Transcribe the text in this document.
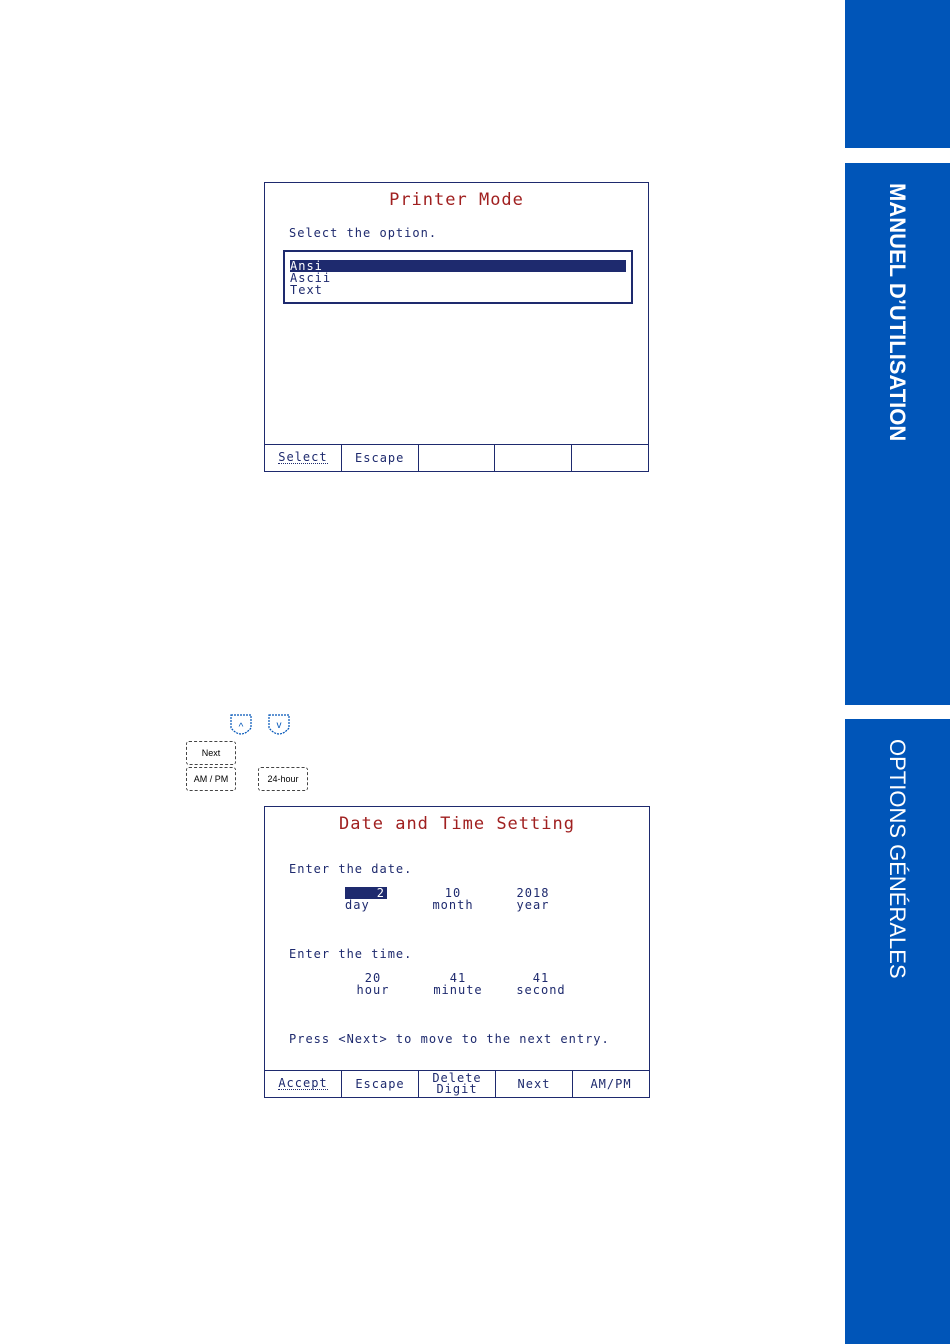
MANUEL D’UTILISATION
OPTIONS GÉNÉRALES
Printer Mode
Select the option.
Ansi
Ascii
Text
Select Escape
^	v
Next
AM / PM	24-hour
Date and Time Setting
Enter the date.
2
day
10
month
2018
year
Enter the time.
20
hour
41
minute
41
second
Press <Next> to move to the next entry.
Accept Escape Delete Digit	Next	AM/PM
